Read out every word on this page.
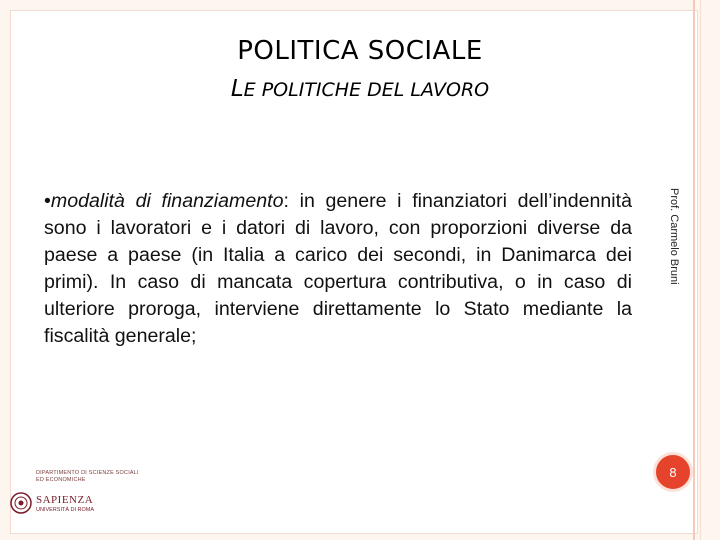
POLITICA SOCIALE
LE POLITICHE DEL LAVORO
•modalità di finanziamento: in genere i finanziatori dell’indennità sono i lavoratori e i datori di lavoro, con proporzioni diverse da paese a paese (in Italia a carico dei secondi, in Danimarca dei primi). In caso di mancata copertura contributiva, o in caso di ulteriore proroga, interviene direttamente lo Stato mediante la fiscalità generale;
Prof. Carmelo Bruni
DIPARTIMENTO DI SCIENZE SOCIALI
ED ECONOMICHE
SAPIENZA
UNIVERSITÀ DI ROMA
8
